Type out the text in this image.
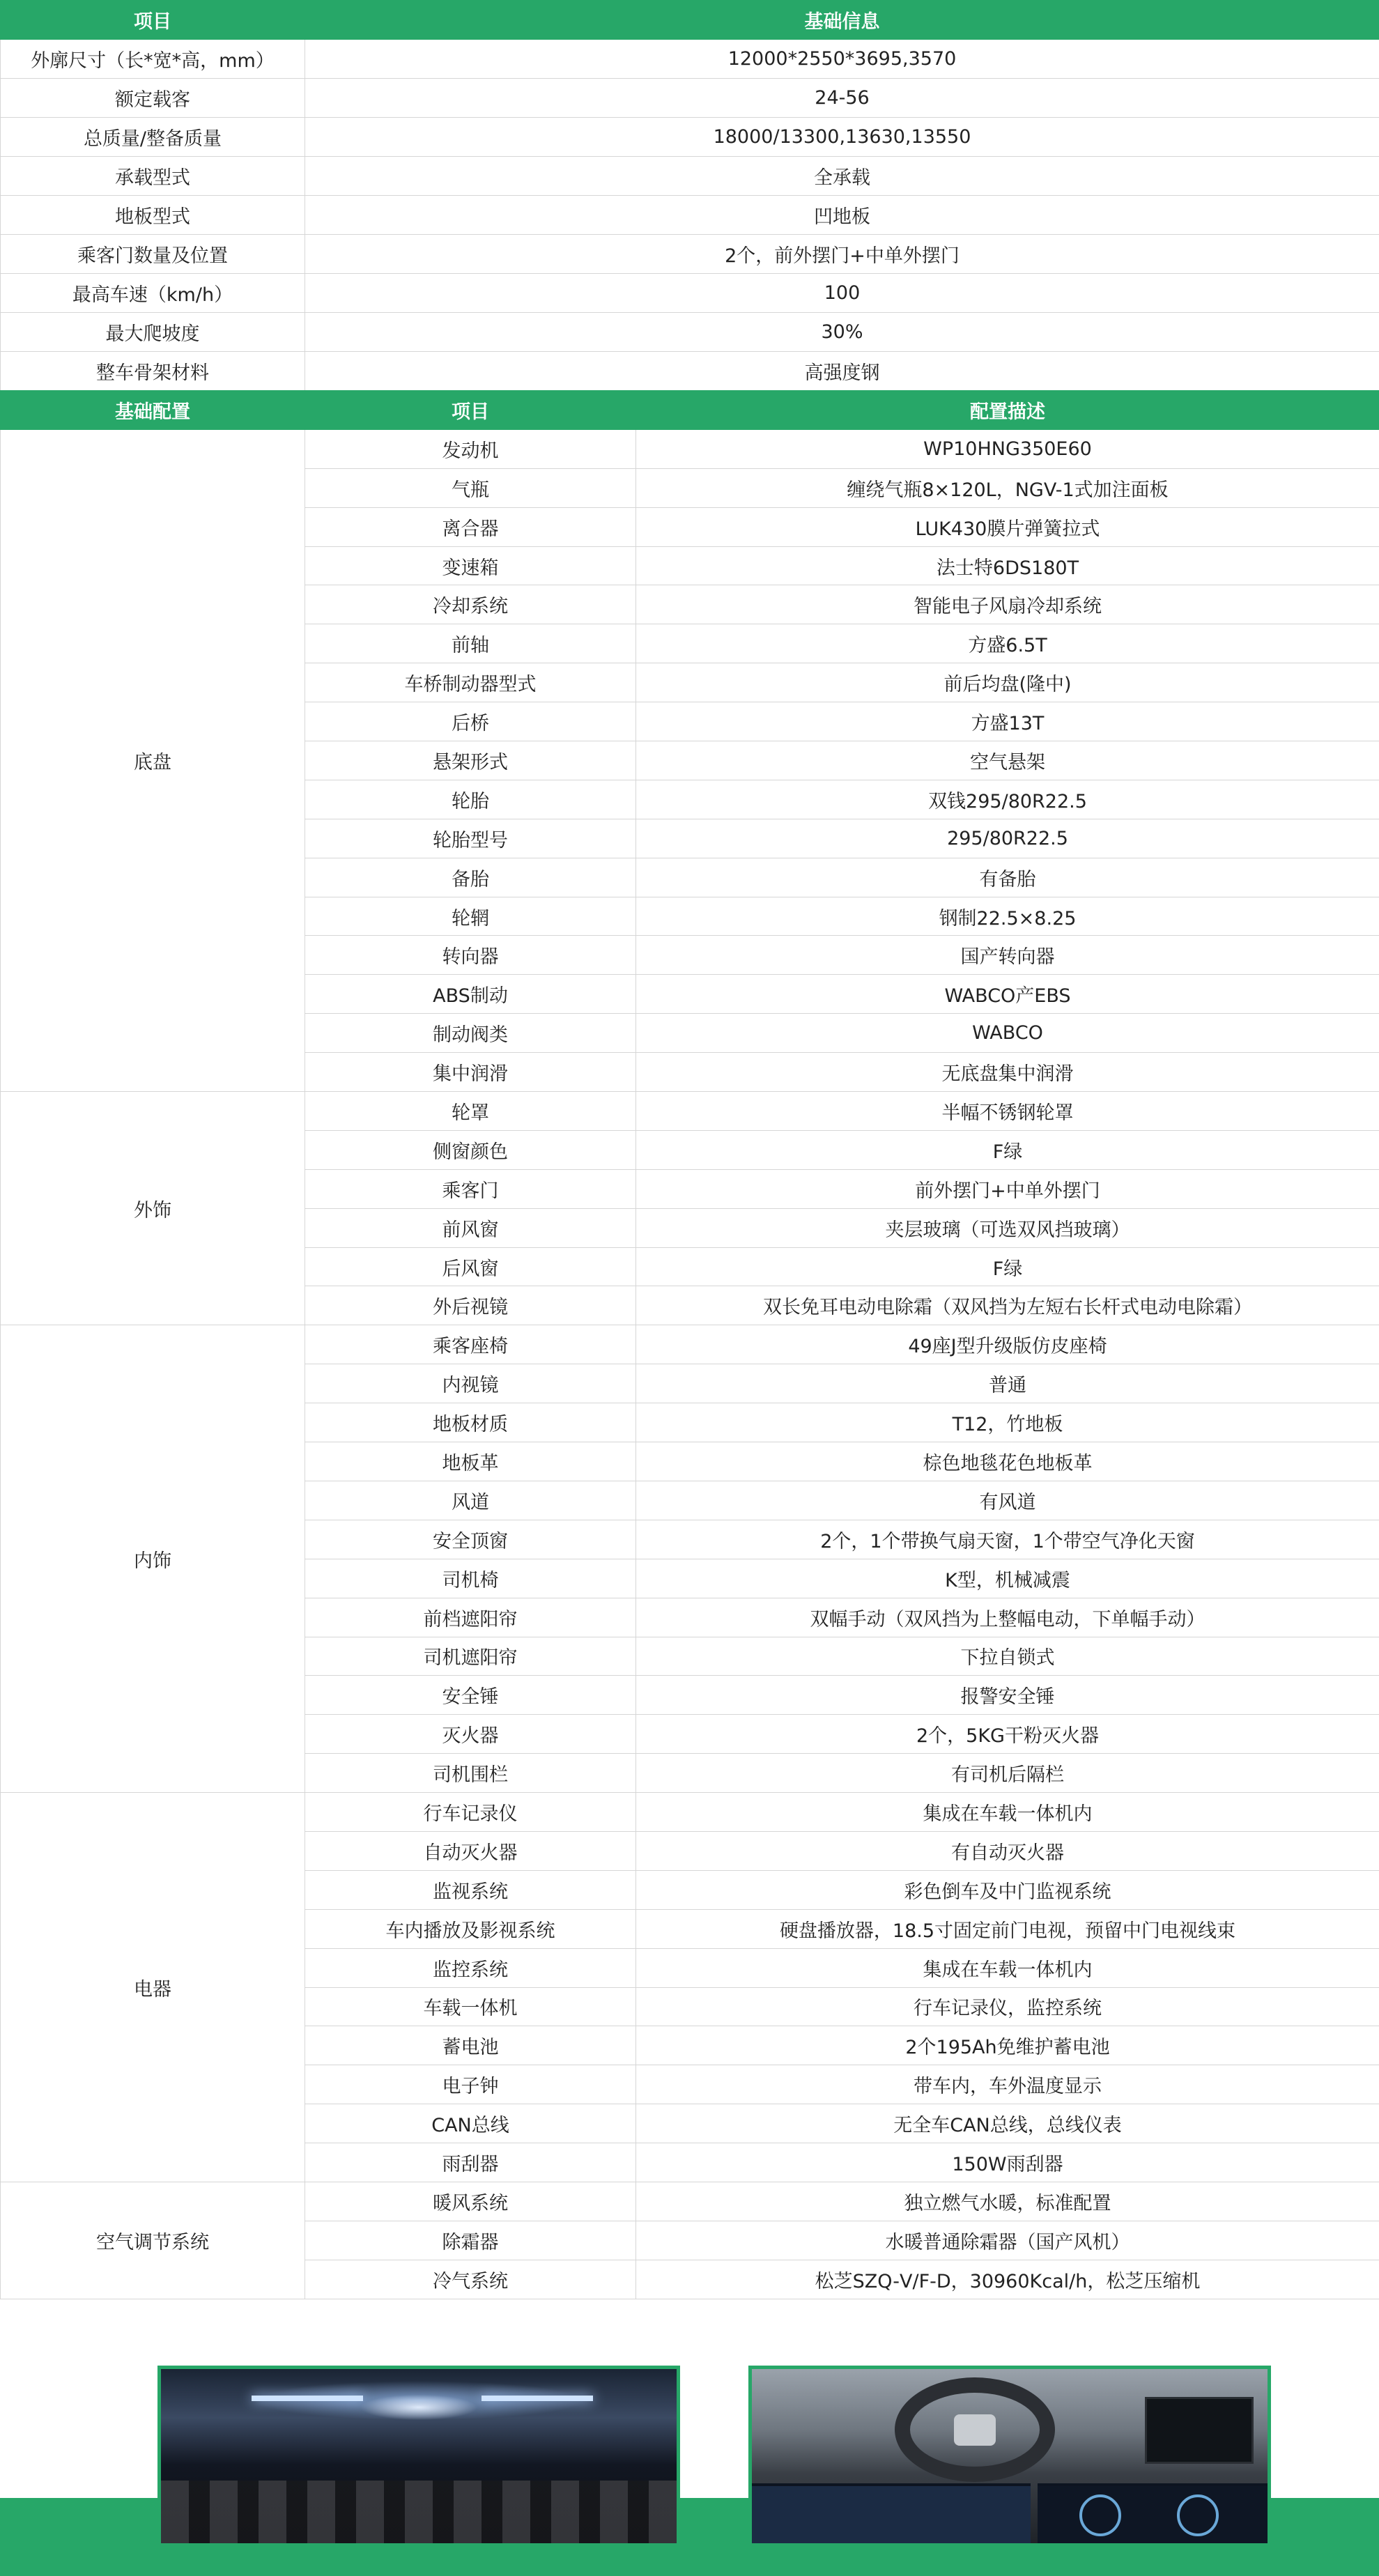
项目	基础信息
外廓尺寸（长*宽*高，mm）	12000*2550*3695,3570
额定载客	24-56
总质量/整备质量	18000/13300,13630,13550
承载型式	全承载
地板型式	凹地板
乘客门数量及位置	2个，前外摆门+中单外摆门
最高车速（km/h）	100
最大爬坡度	30%
整车骨架材料	高强度钢
基础配置	项目	配置描述
底盘	发动机	WP10HNG350E60
	气瓶	缠绕气瓶8×120L，NGV-1式加注面板
	离合器	LUK430膜片弹簧拉式
	变速箱	法士特6DS180T
	冷却系统	智能电子风扇冷却系统
	前轴	方盛6.5T
	车桥制动器型式	前后均盘(隆中)
	后桥	方盛13T
	悬架形式	空气悬架
	轮胎	双钱295/80R22.5
	轮胎型号	295/80R22.5
	备胎	有备胎
	轮辋	钢制22.5×8.25
	转向器	国产转向器
	ABS制动	WABCO产EBS
	制动阀类	WABCO
	集中润滑	无底盘集中润滑
外饰	轮罩	半幅不锈钢轮罩
	侧窗颜色	F绿
	乘客门	前外摆门+中单外摆门
	前风窗	夹层玻璃（可选双风挡玻璃）
	后风窗	F绿
	外后视镜	双长免耳电动电除霜（双风挡为左短右长杆式电动电除霜）
内饰	乘客座椅	49座J型升级版仿皮座椅
	内视镜	普通
	地板材质	T12，竹地板
	地板革	棕色地毯花色地板革
	风道	有风道
	安全顶窗	2个，1个带换气扇天窗，1个带空气净化天窗
	司机椅	K型，机械减震
	前档遮阳帘	双幅手动（双风挡为上整幅电动，下单幅手动）
	司机遮阳帘	下拉自锁式
	安全锤	报警安全锤
	灭火器	2个，5KG干粉灭火器
	司机围栏	有司机后隔栏
电器	行车记录仪	集成在车载一体机内
	自动灭火器	有自动灭火器
	监视系统	彩色倒车及中门监视系统
	车内播放及影视系统	硬盘播放器，18.5寸固定前门电视，预留中门电视线束
	监控系统	集成在车载一体机内
	车载一体机	行车记录仪，监控系统
	蓄电池	2个195Ah免维护蓄电池
	电子钟	带车内，车外温度显示
	CAN总线	无全车CAN总线，总线仪表
	雨刮器	150W雨刮器
空气调节系统	暖风系统	独立燃气水暖，标准配置
	除霜器	水暖普通除霜器（国产风机）
	冷气系统	松芝SZQ-Ⅴ/F-D，30960Kcal/h，松芝压缩机
